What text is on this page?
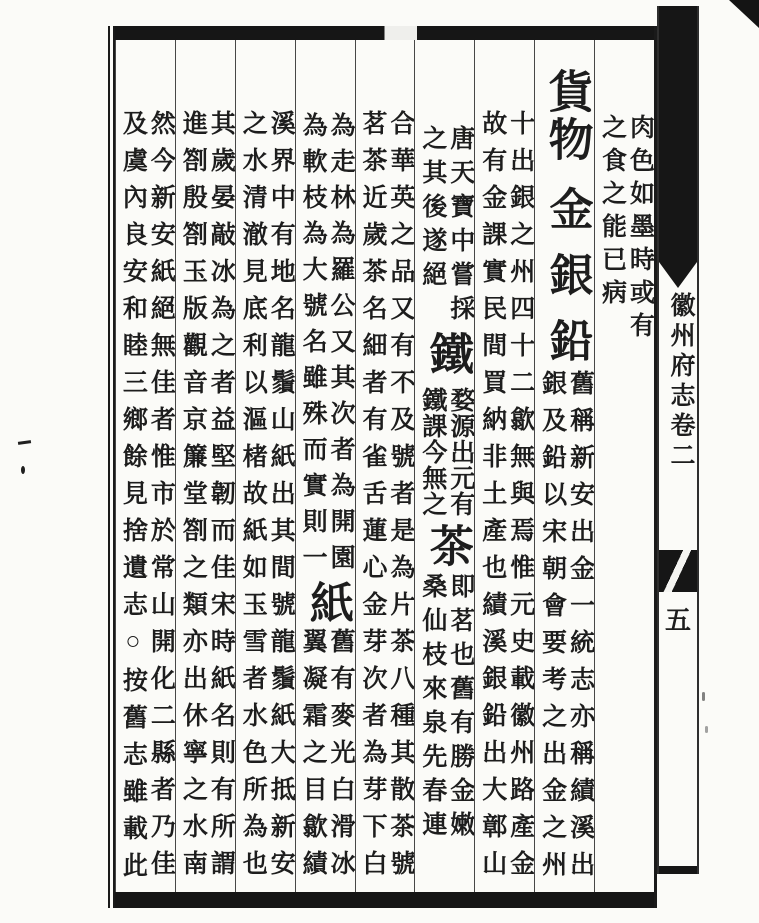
肉色如墨時或有
之食之能已病
貨物
金
銀
鉛
舊稱新安出金一統志亦稱績溪出
銀及鉛以宋朝會要考之出金之州
十出銀之州四十二歙無與焉惟元史載徽州路產金
故有金課實民間買納非土產也績溪銀鉛出大鄣山
唐天寶中嘗採
之其後遂絕
鐵
婺源出元有
鐵課今無之
茶
即茗也舊有勝金嫩
桑仙枝來泉先春連
合華英之品又有不及號者是為片茶八種其散茶號
茗茶近歲茶名細者有雀舌蓮心金芽次者為芽下白
為走林為羅公又其次者為開園
為軟枝為大號名雖殊而實則一
紙
舊有麥光白滑冰
翼凝霜之目歙績
溪界中有地名龍鬚山紙出其間號龍鬚紙大抵新安
之水清澈見底利以漚楮故紙如玉雪者水色所為也
其歲晏敲冰為之者益堅韌而佳宋時紙名則有所謂
進劄殷劄玉版觀音京簾堂劄之類亦出休寧之水南
然今新安紙絕無佳者惟市於常山開化二縣者乃佳
及虞內良安和睦三鄉餘見捨遺志○按舊志雖載此	徽州府志卷二
五
